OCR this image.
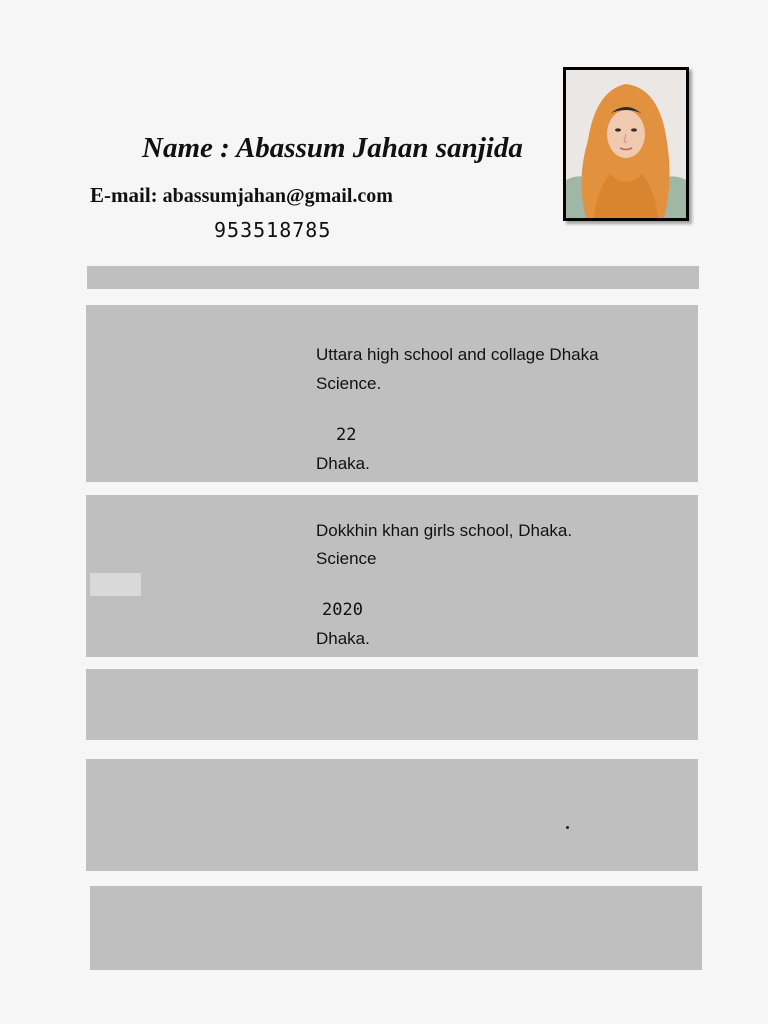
Name : Abassum Jahan sanjida
E-mail: abassumjahan@gmail.com
953518785
Uttara high school and collage Dhaka
Science.
22
Dhaka.
Dokkhin khan girls school, Dhaka.
Science
2020
Dhaka.
